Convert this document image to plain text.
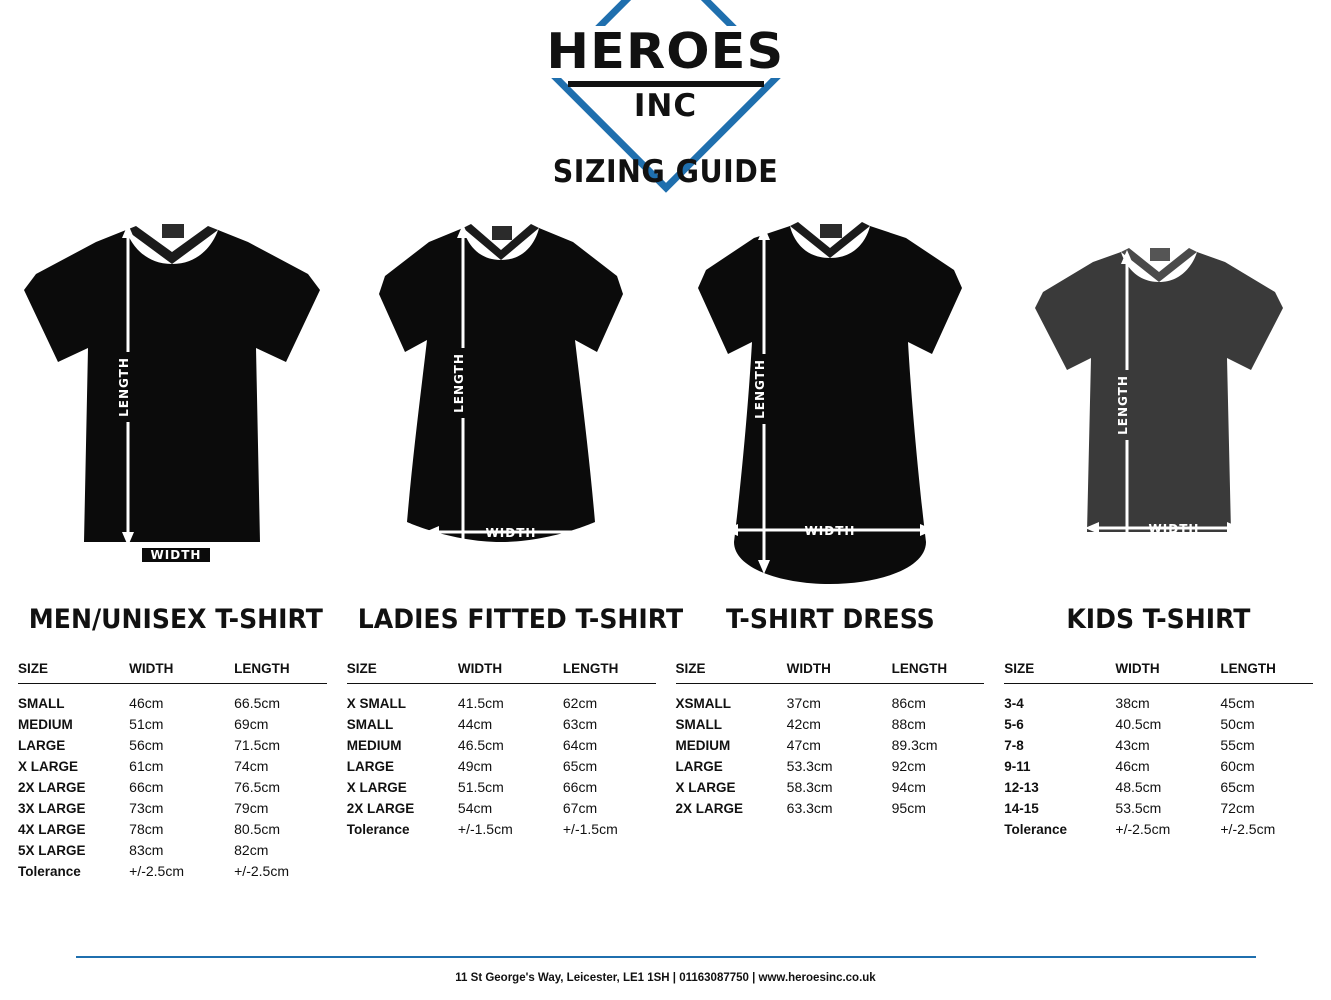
HEROES
INC
SIZING GUIDE
LENGTH
WIDTH
MEN/UNISEX T-SHIRT
SIZE	WIDTH	LENGTH
SMALL	46cm	66.5cm
MEDIUM	51cm	69cm
LARGE	56cm	71.5cm
X LARGE	61cm	74cm
2X LARGE	66cm	76.5cm
3X LARGE	73cm	79cm
4X LARGE	78cm	80.5cm
5X LARGE	83cm	82cm
Tolerance	+/-2.5cm	+/-2.5cm
LENGTH
WIDTH
LADIES FITTED T-SHIRT
SIZE	WIDTH	LENGTH
X SMALL	41.5cm	62cm
SMALL	44cm	63cm
MEDIUM	46.5cm	64cm
LARGE	49cm	65cm
X LARGE	51.5cm	66cm
2X LARGE	54cm	67cm
Tolerance	+/-1.5cm	+/-1.5cm
LENGTH
WIDTH
T-SHIRT DRESS
SIZE	WIDTH	LENGTH
XSMALL	37cm	86cm
SMALL	42cm	88cm
MEDIUM	47cm	89.3cm
LARGE	53.3cm	92cm
X LARGE	58.3cm	94cm
2X LARGE	63.3cm	95cm
LENGTH
WIDTH
KIDS T-SHIRT
SIZE	WIDTH	LENGTH
3-4	38cm	45cm
5-6	40.5cm	50cm
7-8	43cm	55cm
9-11	46cm	60cm
12-13	48.5cm	65cm
14-15	53.5cm	72cm
Tolerance	+/-2.5cm	+/-2.5cm
11 St George's Way, Leicester, LE1 1SH | 01163087750 | www.heroesinc.co.uk
